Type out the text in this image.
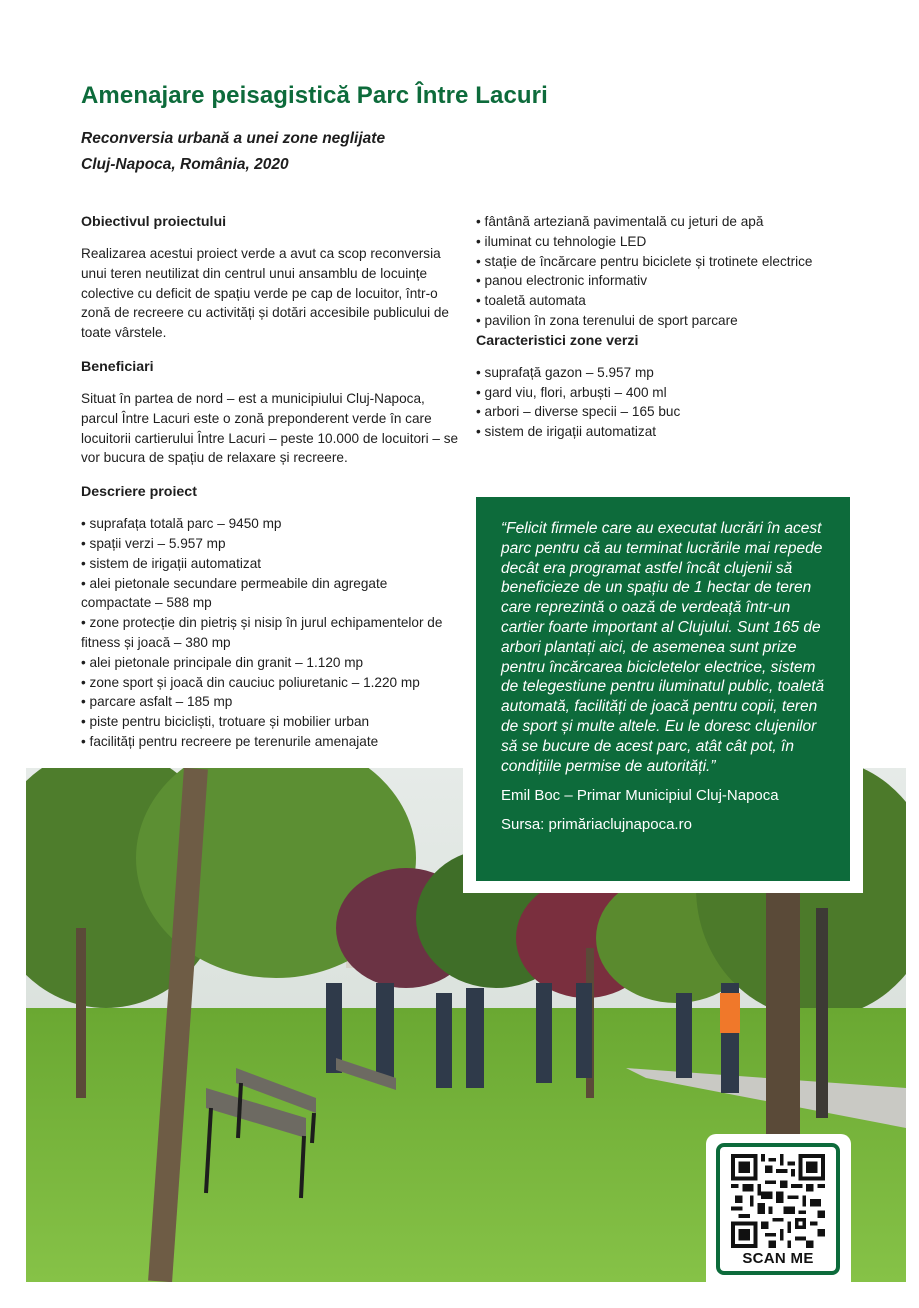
Amenajare peisagistică Parc Între Lacuri
Reconversia urbană a unei zone neglijate
Cluj-Napoca, România, 2020
Obiectivul proiectului

Realizarea acestui proiect verde a avut ca scop reconversia unui teren neutilizat din centrul unui ansamblu de locuințe colective cu deficit de spațiu verde pe cap de locuitor, într-o zonă de recreere cu activități și dotări accesibile publicului de toate vârstele.

Beneficiari

Situat în partea de nord – est a municipiului Cluj-Napoca, parcul Între Lacuri este o zonă preponderent verde în care locuitorii cartierului Între Lacuri – peste 10.000 de locuitori – se vor bucura de spațiu de relaxare și recreere.

Descriere proiect
• suprafața totală parc – 9450 mp
• spații verzi – 5.957 mp
• sistem de irigații automatizat
• alei pietonale secundare permeabile din agregate compactate – 588 mp
• zone protecție din pietriș și nisip în jurul echipamentelor de fitness și joacă – 380 mp
• alei pietonale principale din granit – 1.120 mp
• zone sport și joacă din cauciuc poliuretanic – 1.220 mp
• parcare asfalt – 185 mp
• piste pentru bicicliști, trotuare și mobilier urban
• facilități pentru recreere pe terenurile amenajate
• fântână arteziană pavimentală cu jeturi de apă
• iluminat cu tehnologie LED
• stație de încărcare pentru biciclete și trotinete electrice
• panou electronic informativ
• toaletă automata
• pavilion în zona terenului de sport parcare
Caracteristici zone verzi
• suprafață gazon – 5.957 mp
• gard viu, flori, arbuști – 400 ml
• arbori – diverse specii – 165 buc
• sistem de irigații automatizat

“Felicit firmele care au executat lucrări în acest parc pentru că au terminat lucrările mai repede decât era programat astfel încât clujenii să beneficieze de un spațiu de 1 hectar de teren care reprezintă o oază de verdeață într-un cartier foarte important al Clujului. Sunt 165 de arbori plantați aici, de asemenea sunt prize pentru încărcarea bicicletelor electrice, sistem de telegestiune pentru iluminatul public, toaletă automată, facilități de joacă pentru copii, teren de sport și multe altele. Eu le doresc clujenilor să se bucure de acest parc, atât cât pot, în condițiile permise de autorități.”

Emil Boc – Primar Municipiul Cluj-Napoca
Sursa: primăriaclujnapoca.ro
SCAN ME
